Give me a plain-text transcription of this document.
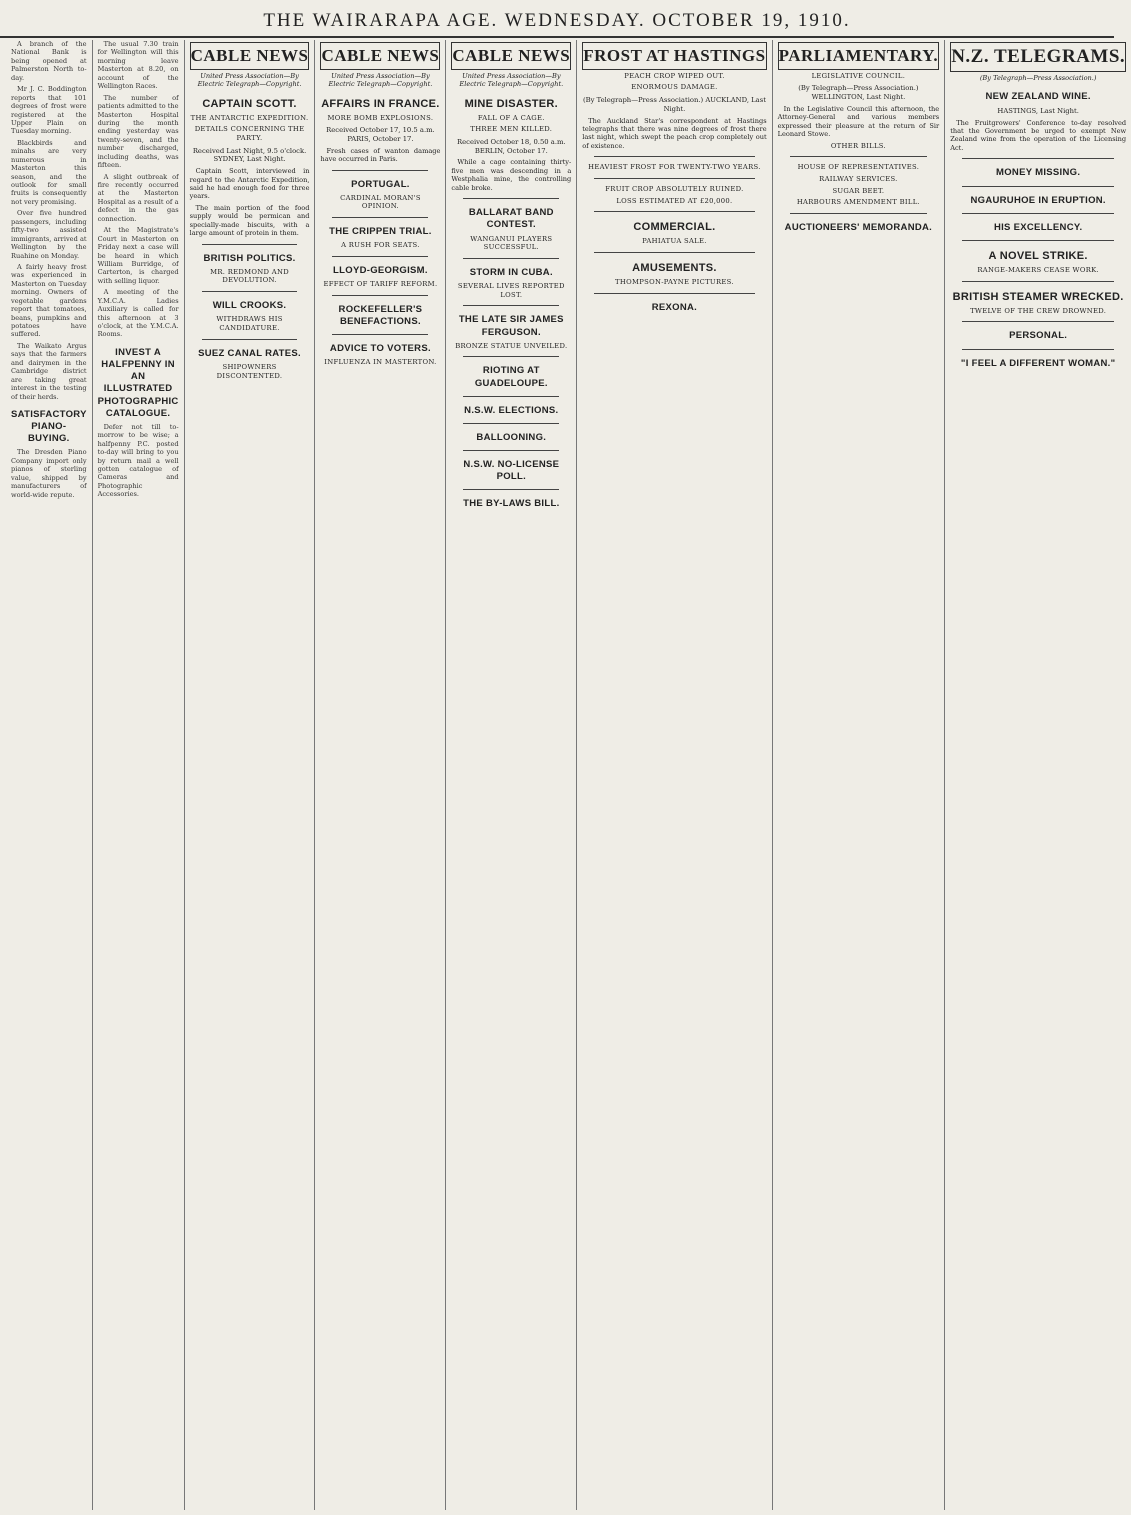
THE WAIRARAPA AGE. WEDNESDAY. OCTOBER 19, 1910.

A branch of the National Bank is being opened at Palmerston North to-day.

Mr J. C. Boddington reports that 101 degrees of frost were registered at the Upper Plain on Tuesday morning.

Blackbirds and minahs are very numerous in Masterton this season, and the outlook for small fruits is consequently not very promising.

Over five hundred passengers, including fifty-two assisted immigrants, arrived at Wellington by the Ruahine on Monday.

A fairly heavy frost was experienced in Masterton on Tuesday morning. Owners of vegetable gardens report that tomatoes, beans, pumpkins and potatoes have suffered.

The Waikato Argus says that the farmers and dairymen in the Cambridge district are taking great interest in the testing of their herds.

SATISFACTORY PIANO-BUYING.

The Dresden Piano Company import only pianos of sterling value, shipped by manufacturers of world-wide repute.

The usual 7.30 train for Wellington will this morning leave Masterton at 8.20, on account of the Wellington Races.

The number of patients admitted to the Masterton Hospital during the month ending yesterday was twenty-seven, and the number discharged, including deaths, was fifteen.

A slight outbreak of fire recently occurred at the Masterton Hospital as a result of a defect in the gas connection.

At the Magistrate's Court in Masterton on Friday next a case will be heard in which William Burridge, of Carterton, is charged with selling liquor.

A meeting of the Y.M.C.A. Ladies Auxiliary is called for this afternoon at 3 o'clock, at the Y.M.C.A. Rooms.

INVEST A HALFPENNY IN AN ILLUSTRATED PHOTOGRAPHIC CATALOGUE.

Defer not till to-morrow to be wise; a halfpenny P.C. posted to-day will bring to you by return mail a well gotten catalogue of Cameras and Photographic Accessories.

CABLE NEWS
United Press Association—By Electric Telegraph—Copyright.
CAPTAIN SCOTT.
THE ANTARCTIC EXPEDITION.
DETAILS CONCERNING THE PARTY.
Received Last Night, 9.5 o'clock. SYDNEY, Last Night.

Captain Scott, interviewed in regard to the Antarctic Expedition, said he had enough food for three years.

The main portion of the food supply would be permican and specially-made biscuits, with a large amount of protein in them.

BRITISH POLITICS.
MR. REDMOND AND DEVOLUTION.
WILL CROOKS.
WITHDRAWS HIS CANDIDATURE.
SUEZ CANAL RATES.
SHIPOWNERS DISCONTENTED.
CABLE NEWS
United Press Association—By Electric Telegraph—Copyright.
AFFAIRS IN FRANCE.
MORE BOMB EXPLOSIONS.
Received October 17, 10.5 a.m. PARIS, October 17.

Fresh cases of wanton damage have occurred in Paris.

PORTUGAL.
CARDINAL MORAN'S OPINION.
THE CRIPPEN TRIAL.
A RUSH FOR SEATS.
LLOYD-GEORGISM.
EFFECT OF TARIFF REFORM.
ROCKEFELLER'S BENEFACTIONS.
ADVICE TO VOTERS.
INFLUENZA IN MASTERTON.
CABLE NEWS
United Press Association—By Electric Telegraph—Copyright.
MINE DISASTER.
FALL OF A CAGE.
THREE MEN KILLED.
Received October 18, 0.50 a.m. BERLIN, October 17.

While a cage containing thirty-five men was descending in a Westphalia mine, the controlling cable broke.

BALLARAT BAND CONTEST.
WANGANUI PLAYERS SUCCESSFUL.
STORM IN CUBA.
SEVERAL LIVES REPORTED LOST.
THE LATE SIR JAMES FERGUSON.
BRONZE STATUE UNVEILED.
RIOTING AT GUADELOUPE.
N.S.W. ELECTIONS.
BALLOONING.
N.S.W. NO-LICENSE POLL.
THE BY-LAWS BILL.
FROST AT HASTINGS
PEACH CROP WIPED OUT.
ENORMOUS DAMAGE.
(By Telegraph—Press Association.) AUCKLAND, Last Night.

The Auckland Star's correspondent at Hastings telegraphs that there was nine degrees of frost there last night, which swept the peach crop completely out of existence.

HEAVIEST FROST FOR TWENTY-TWO YEARS.
FRUIT CROP ABSOLUTELY RUINED.
LOSS ESTIMATED AT £20,000.
COMMERCIAL.
PAHIATUA SALE.
AMUSEMENTS.
THOMPSON-PAYNE PICTURES.
REXONA.
PARLIAMENTARY.
LEGISLATIVE COUNCIL.
(By Telegraph—Press Association.) WELLINGTON, Last Night.

In the Legislative Council this afternoon, the Attorney-General and various members expressed their pleasure at the return of Sir Leonard Stowe.

OTHER BILLS.
HOUSE OF REPRESENTATIVES.
RAILWAY SERVICES.
SUGAR BEET.
HARBOURS AMENDMENT BILL.
AUCTIONEERS' MEMORANDA.
N.Z. TELEGRAMS.
(By Telegraph—Press Association.)
NEW ZEALAND WINE.
HASTINGS, Last Night.

The Fruitgrowers' Conference to-day resolved that the Government be urged to exempt New Zealand wine from the operation of the Licensing Act.

MONEY MISSING.
NGAURUHOE IN ERUPTION.
HIS EXCELLENCY.
A NOVEL STRIKE.
RANGE-MAKERS CEASE WORK.
BRITISH STEAMER WRECKED.
TWELVE OF THE CREW DROWNED.
PERSONAL.
"I FEEL A DIFFERENT WOMAN."
